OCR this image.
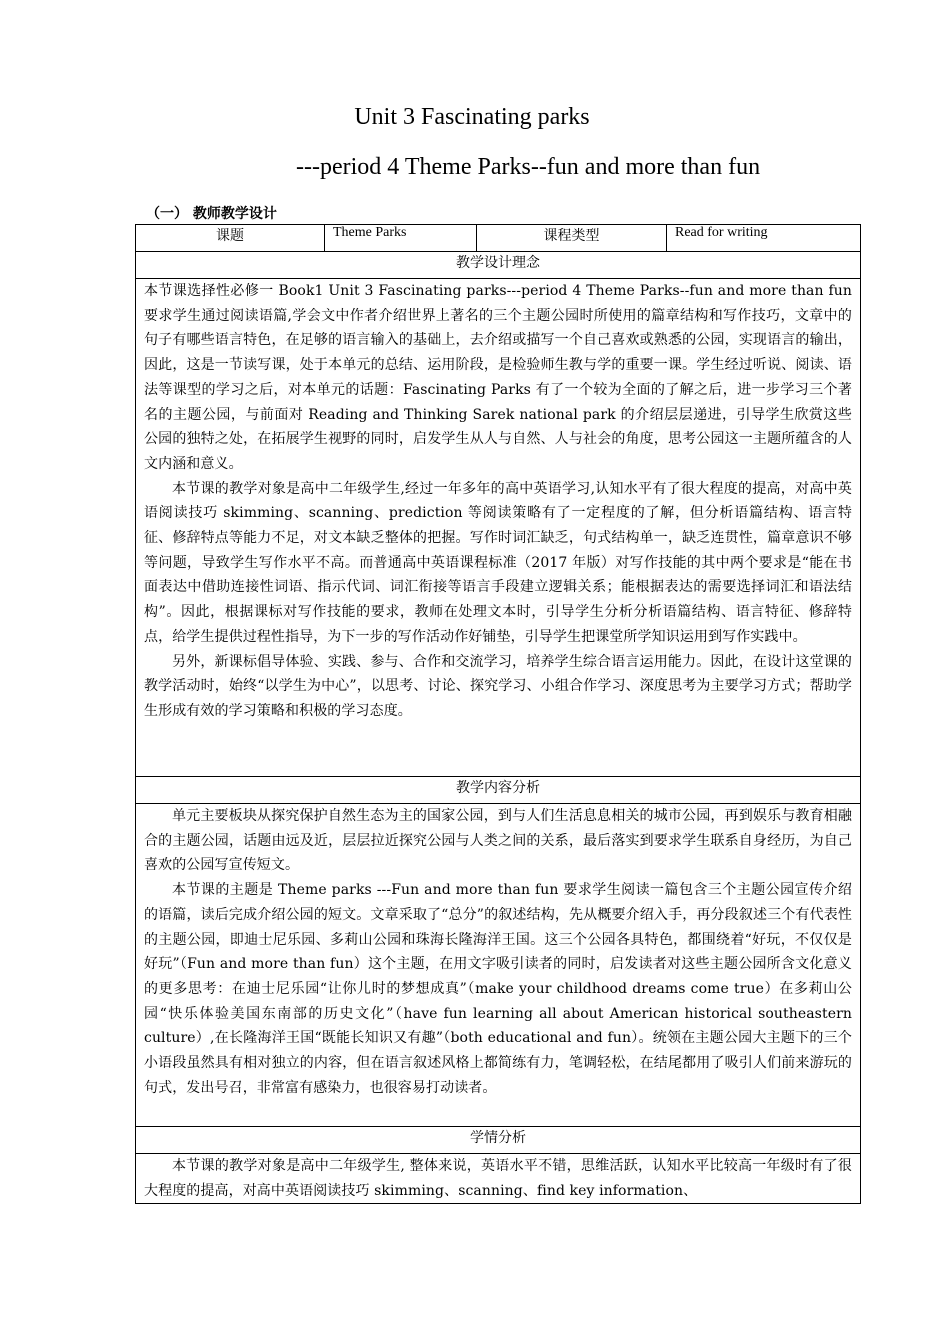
Unit 3 Fascinating parks
---period 4 Theme Parks--fun and more than fun
（一） 教师教学设计
课题	Theme Parks	课程类型	Read for writing
教学设计理念

本节课选择性必修一 Book1 Unit 3 Fascinating parks---period 4 Theme Parks--fun and more than fun 要求学生通过阅读语篇,学会文中作者介绍世界上著名的三个主题公园时所使用的篇章结构和写作技巧，文章中的句子有哪些语言特色，在足够的语言输入的基础上，去介绍或描写一个自己喜欢或熟悉的公园，实现语言的输出，因此，这是一节读写课，处于本单元的总结、运用阶段，是检验师生教与学的重要一课。学生经过听说、阅读、语法等课型的学习之后，对本单元的话题：Fascinating Parks 有了一个较为全面的了解之后，进一步学习三个著名的主题公园，与前面对 Reading and Thinking Sarek national park 的介绍层层递进，引导学生欣赏这些公园的独特之处，在拓展学生视野的同时，启发学生从人与自然、人与社会的角度，思考公园这一主题所蕴含的人文内涵和意义。

本节课的教学对象是高中二年级学生,经过一年多年的高中英语学习,认知水平有了很大程度的提高，对高中英语阅读技巧 skimming、scanning、prediction 等阅读策略有了一定程度的了解，但分析语篇结构、语言特征、修辞特点等能力不足，对文本缺乏整体的把握。写作时词汇缺乏，句式结构单一，缺乏连贯性，篇章意识不够等问题，导致学生写作水平不高。而普通高中英语课程标准（2017 年版）对写作技能的其中两个要求是“能在书面表达中借助连接性词语、指示代词、词汇衔接等语言手段建立逻辑关系；能根据表达的需要选择词汇和语法结构”。因此，根据课标对写作技能的要求，教师在处理文本时，引导学生分析分析语篇结构、语言特征、修辞特点，给学生提供过程性指导，为下一步的写作活动作好铺垫，引导学生把课堂所学知识运用到写作实践中。

另外，新课标倡导体验、实践、参与、合作和交流学习，培养学生综合语言运用能力。因此，在设计这堂课的教学活动时，始终“以学生为中心”，以思考、讨论、探究学习、小组合作学习、深度思考为主要学习方式；帮助学生形成有效的学习策略和积极的学习态度。

教学内容分析

单元主要板块从探究保护自然生态为主的国家公园，到与人们生活息息相关的城市公园，再到娱乐与教育相融合的主题公园，话题由远及近，层层拉近探究公园与人类之间的关系，最后落实到要求学生联系自身经历，为自己喜欢的公园写宣传短文。

本节课的主题是 Theme parks ---Fun and more than fun 要求学生阅读一篇包含三个主题公园宣传介绍的语篇，读后完成介绍公园的短文。文章采取了“总分”的叙述结构，先从概要介绍入手，再分段叙述三个有代表性的主题公园，即迪士尼乐园、多莉山公园和珠海长隆海洋王国。这三个公园各具特色，都围绕着“好玩，不仅仅是好玩”（Fun and more than fun）这个主题，在用文字吸引读者的同时，启发读者对这些主题公园所含文化意义的更多思考：在迪士尼乐园“让你儿时的梦想成真”（make your childhood dreams come true）在多莉山公园“快乐体验美国东南部的历史文化”（have fun learning all about American historical southeastern culture）,在长隆海洋王国“既能长知识又有趣”（both educational and fun）。统领在主题公园大主题下的三个小语段虽然具有相对独立的内容，但在语言叙述风格上都简练有力，笔调轻松，在结尾都用了吸引人们前来游玩的句式，发出号召，非常富有感染力，也很容易打动读者。

学情分析

本节课的教学对象是高中二年级学生, 整体来说，英语水平不错，思维活跃，认知水平比较高一年级时有了很大程度的提高，对高中英语阅读技巧 skimming、scanning、find key information、
